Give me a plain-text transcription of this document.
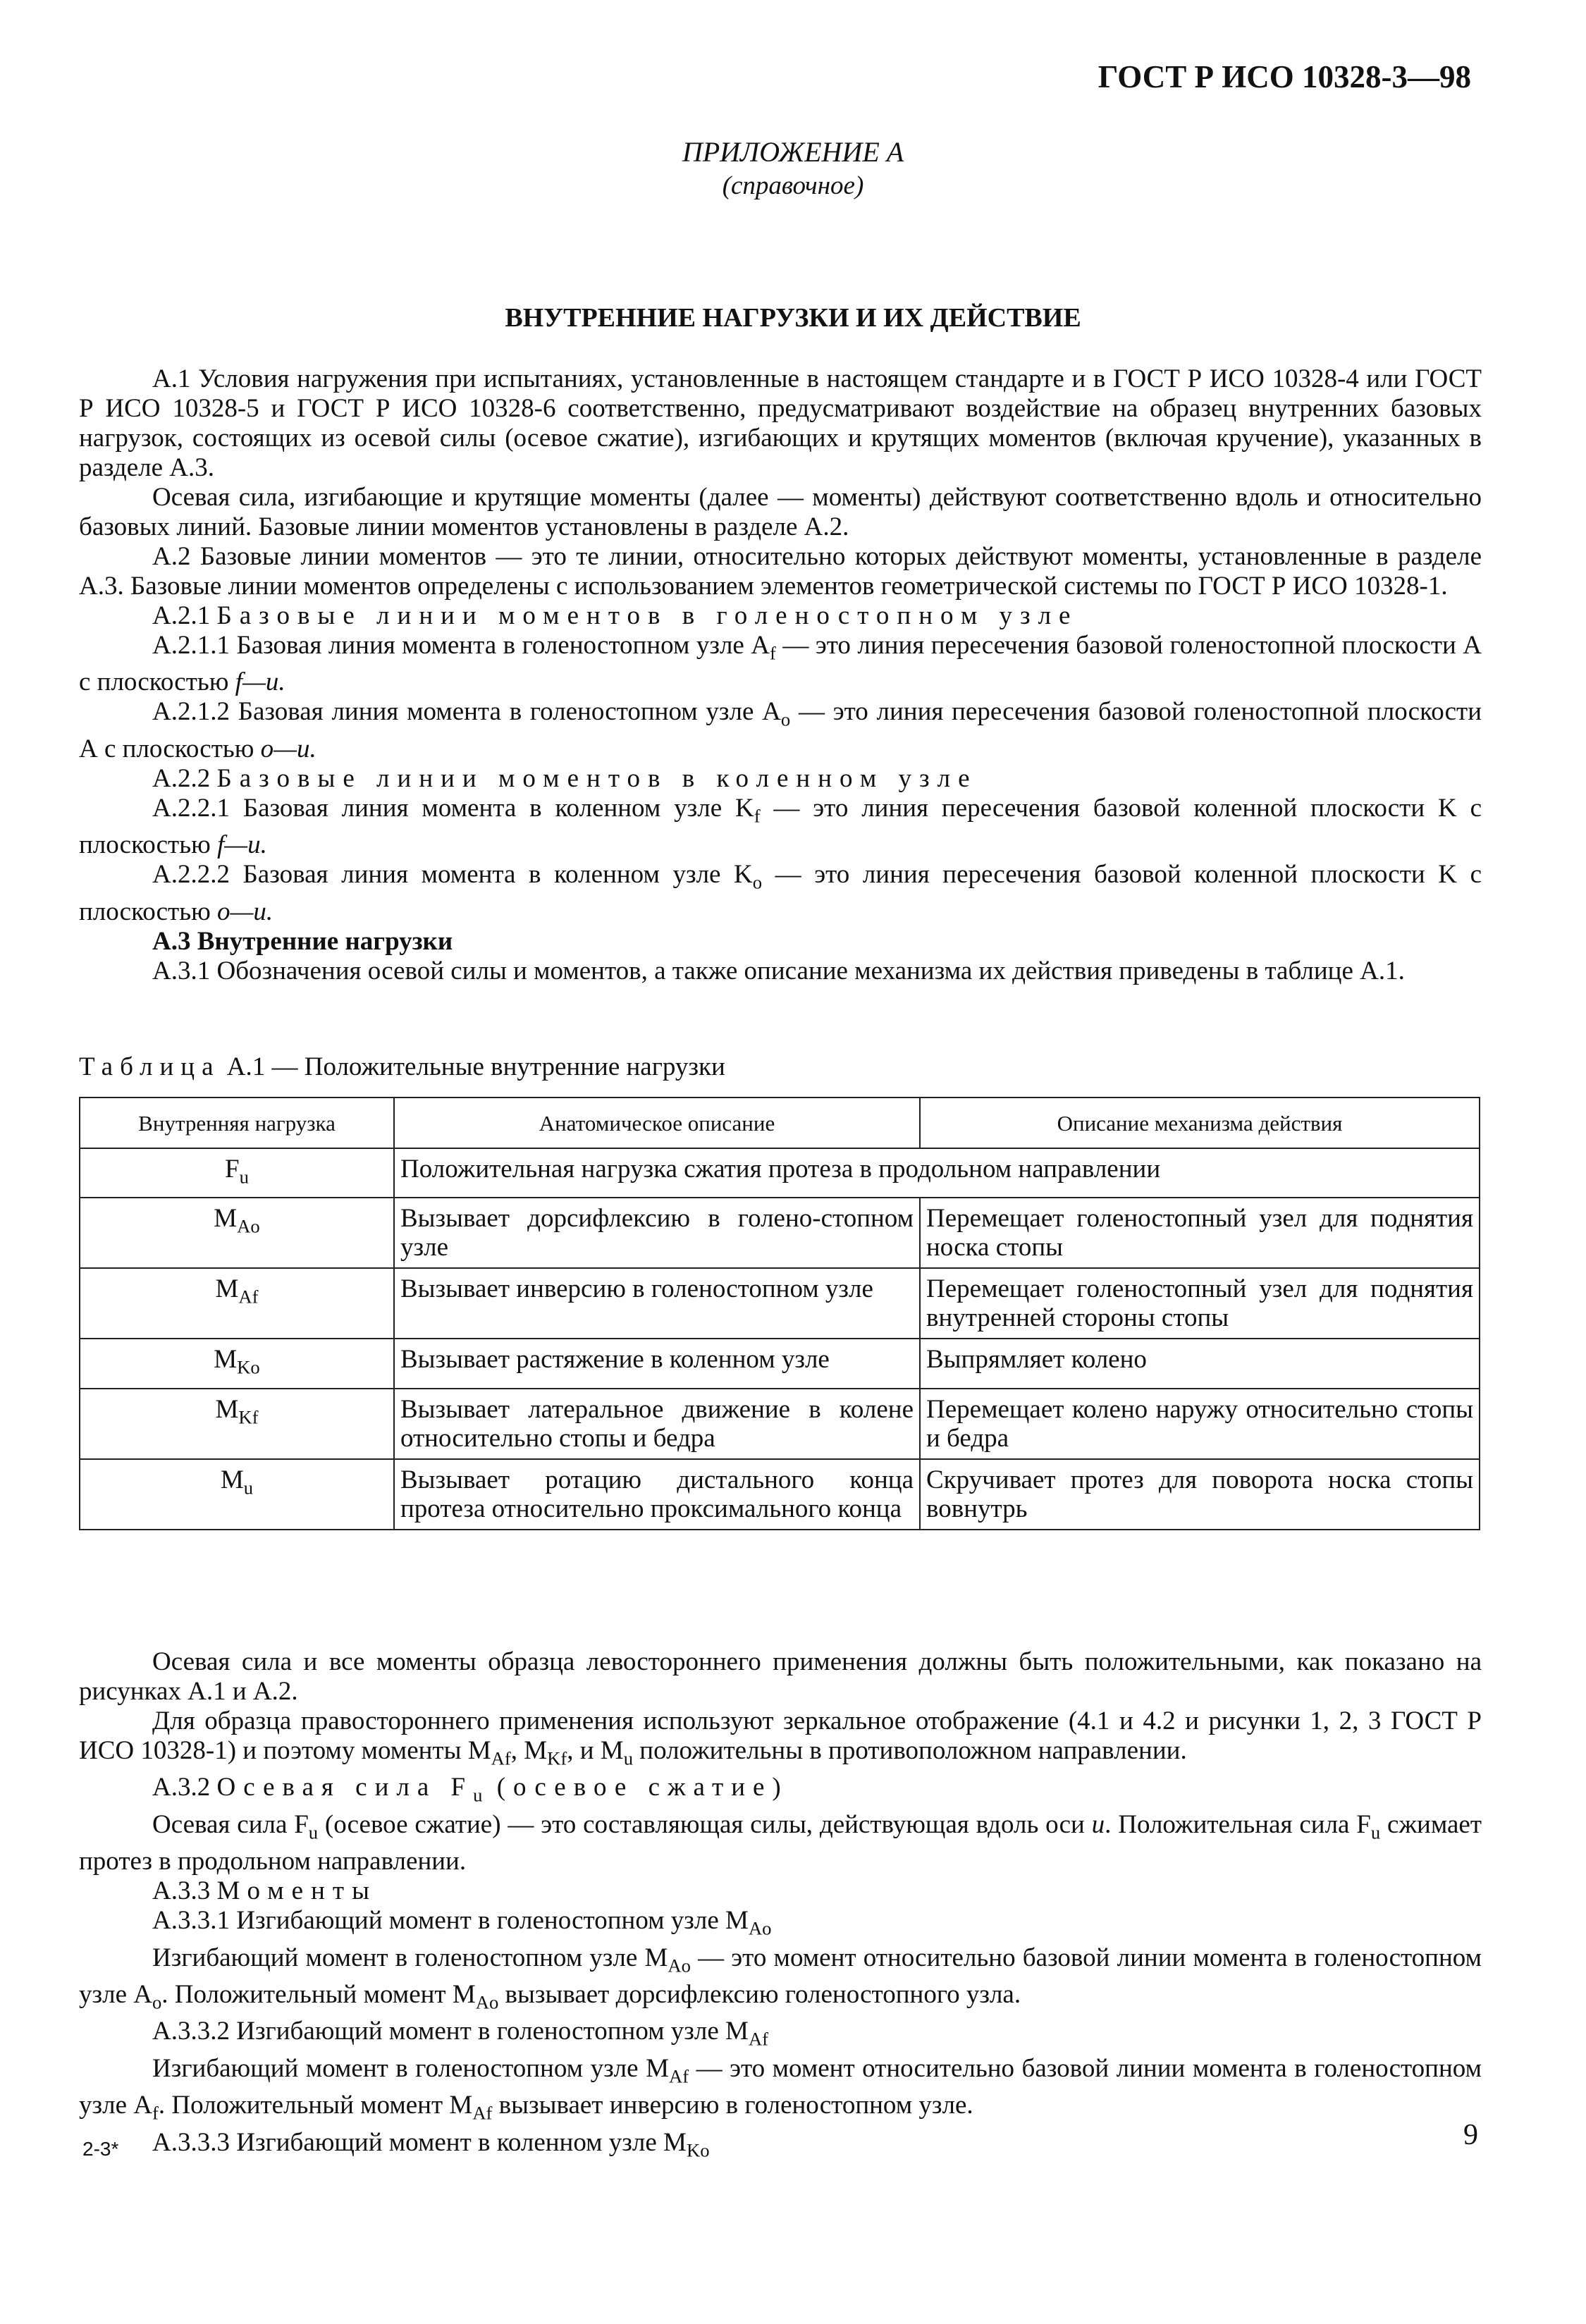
ГОСТ Р ИСО 10328-3—98
ПРИЛОЖЕНИЕ А
(справочное)
ВНУТРЕННИЕ НАГРУЗКИ И ИХ ДЕЙСТВИЕ

А.1 Условия нагружения при испытаниях, установленные в настоящем стандарте и в ГОСТ Р ИСО 10328-4 или ГОСТ Р ИСО 10328-5 и ГОСТ Р ИСО 10328-6 соответственно, предусматривают воздействие на образец внутренних базовых нагрузок, состоящих из осевой силы (осевое сжатие), изгибающих и крутящих моментов (включая кручение), указанных в разделе А.3.

Осевая сила, изгибающие и крутящие моменты (далее — моменты) действуют соответственно вдоль и относительно базовых линий. Базовые линии моментов установлены в разделе А.2.

А.2 Базовые линии моментов — это те линии, относительно которых действуют моменты, установленные в разделе А.3. Базовые линии моментов определены с использованием элементов геометрической системы по ГОСТ Р ИСО 10328-1.

А.2.1 Базовые линии моментов в голеностопном узле

А.2.1.1 Базовая линия момента в голеностопном узле $А_f$ — это линия пересечения базовой голеностопной плоскости А с плоскостью f—u.

А.2.1.2 Базовая линия момента в голеностопном узле $А_o$ — это линия пересечения базовой голеностопной плоскости А с плоскостью o—u.

А.2.2 Базовые линии моментов в коленном узле

А.2.2.1 Базовая линия момента в коленном узле $K_f$ — это линия пересечения базовой коленной плоскости K с плоскостью f—u.

А.2.2.2 Базовая линия момента в коленном узле $K_o$ — это линия пересечения базовой коленной плоскости K с плоскостью o—u.

А.3 Внутренние нагрузки

А.3.1 Обозначения осевой силы и моментов, а также описание механизма их действия приведены в таблице А.1.

Таблица А.1 — Положительные внутренние нагрузки
Внутренняя нагрузка	Анатомическое описание	Описание механизма действия
$F_u$	Положительная нагрузка сжатия протеза в продольном направлении	
$M_{Ao}$	Вызывает дорсифлексию в голено-стопном узле	Перемещает голеностопный узел для поднятия носка стопы
$M_{Af}$	Вызывает инверсию в голеностопном узле	Перемещает голеностопный узел для поднятия внутренней стороны стопы
$M_{Ko}$	Вызывает растяжение в коленном узле	Выпрямляет колено
$M_{Kf}$	Вызывает латеральное движение в колене относительно стопы и бедра	Перемещает колено наружу относительно стопы и бедра
$M_u$	Вызывает ротацию дистального конца протеза относительно проксимального конца	Скручивает протез для поворота носка стопы вовнутрь

Осевая сила и все моменты образца левостороннего применения должны быть положительными, как показано на рисунках А.1 и А.2.

Для образца правостороннего применения используют зеркальное отображение (4.1 и 4.2 и рисунки 1, 2, 3 ГОСТ Р ИСО 10328-1) и поэтому моменты $M_{Af}$, $M_{Kf}$, и $M_u$ положительны в противоположном направлении.

А.3.2 Осевая сила $F_u$ (осевое сжатие)

Осевая сила $F_u$ (осевое сжатие) — это составляющая силы, действующая вдоль оси u. Положительная сила $F_u$ сжимает протез в продольном направлении.

А.3.3 Моменты

А.3.3.1 Изгибающий момент в голеностопном узле $M_{Ao}$

Изгибающий момент в голеностопном узле $M_{Ao}$ — это момент относительно базовой линии момента в голеностопном узле $А_o$. Положительный момент $M_{Ao}$ вызывает дорсифлексию голеностопного узла.

А.3.3.2 Изгибающий момент в голеностопном узле $M_{Af}$

Изгибающий момент в голеностопном узле $M_{Af}$ — это момент относительно базовой линии момента в голеностопном узле $А_f$. Положительный момент $M_{Af}$ вызывает инверсию в голеностопном узле.

А.3.3.3 Изгибающий момент в коленном узле $M_{Ko}$

2-3*	9
